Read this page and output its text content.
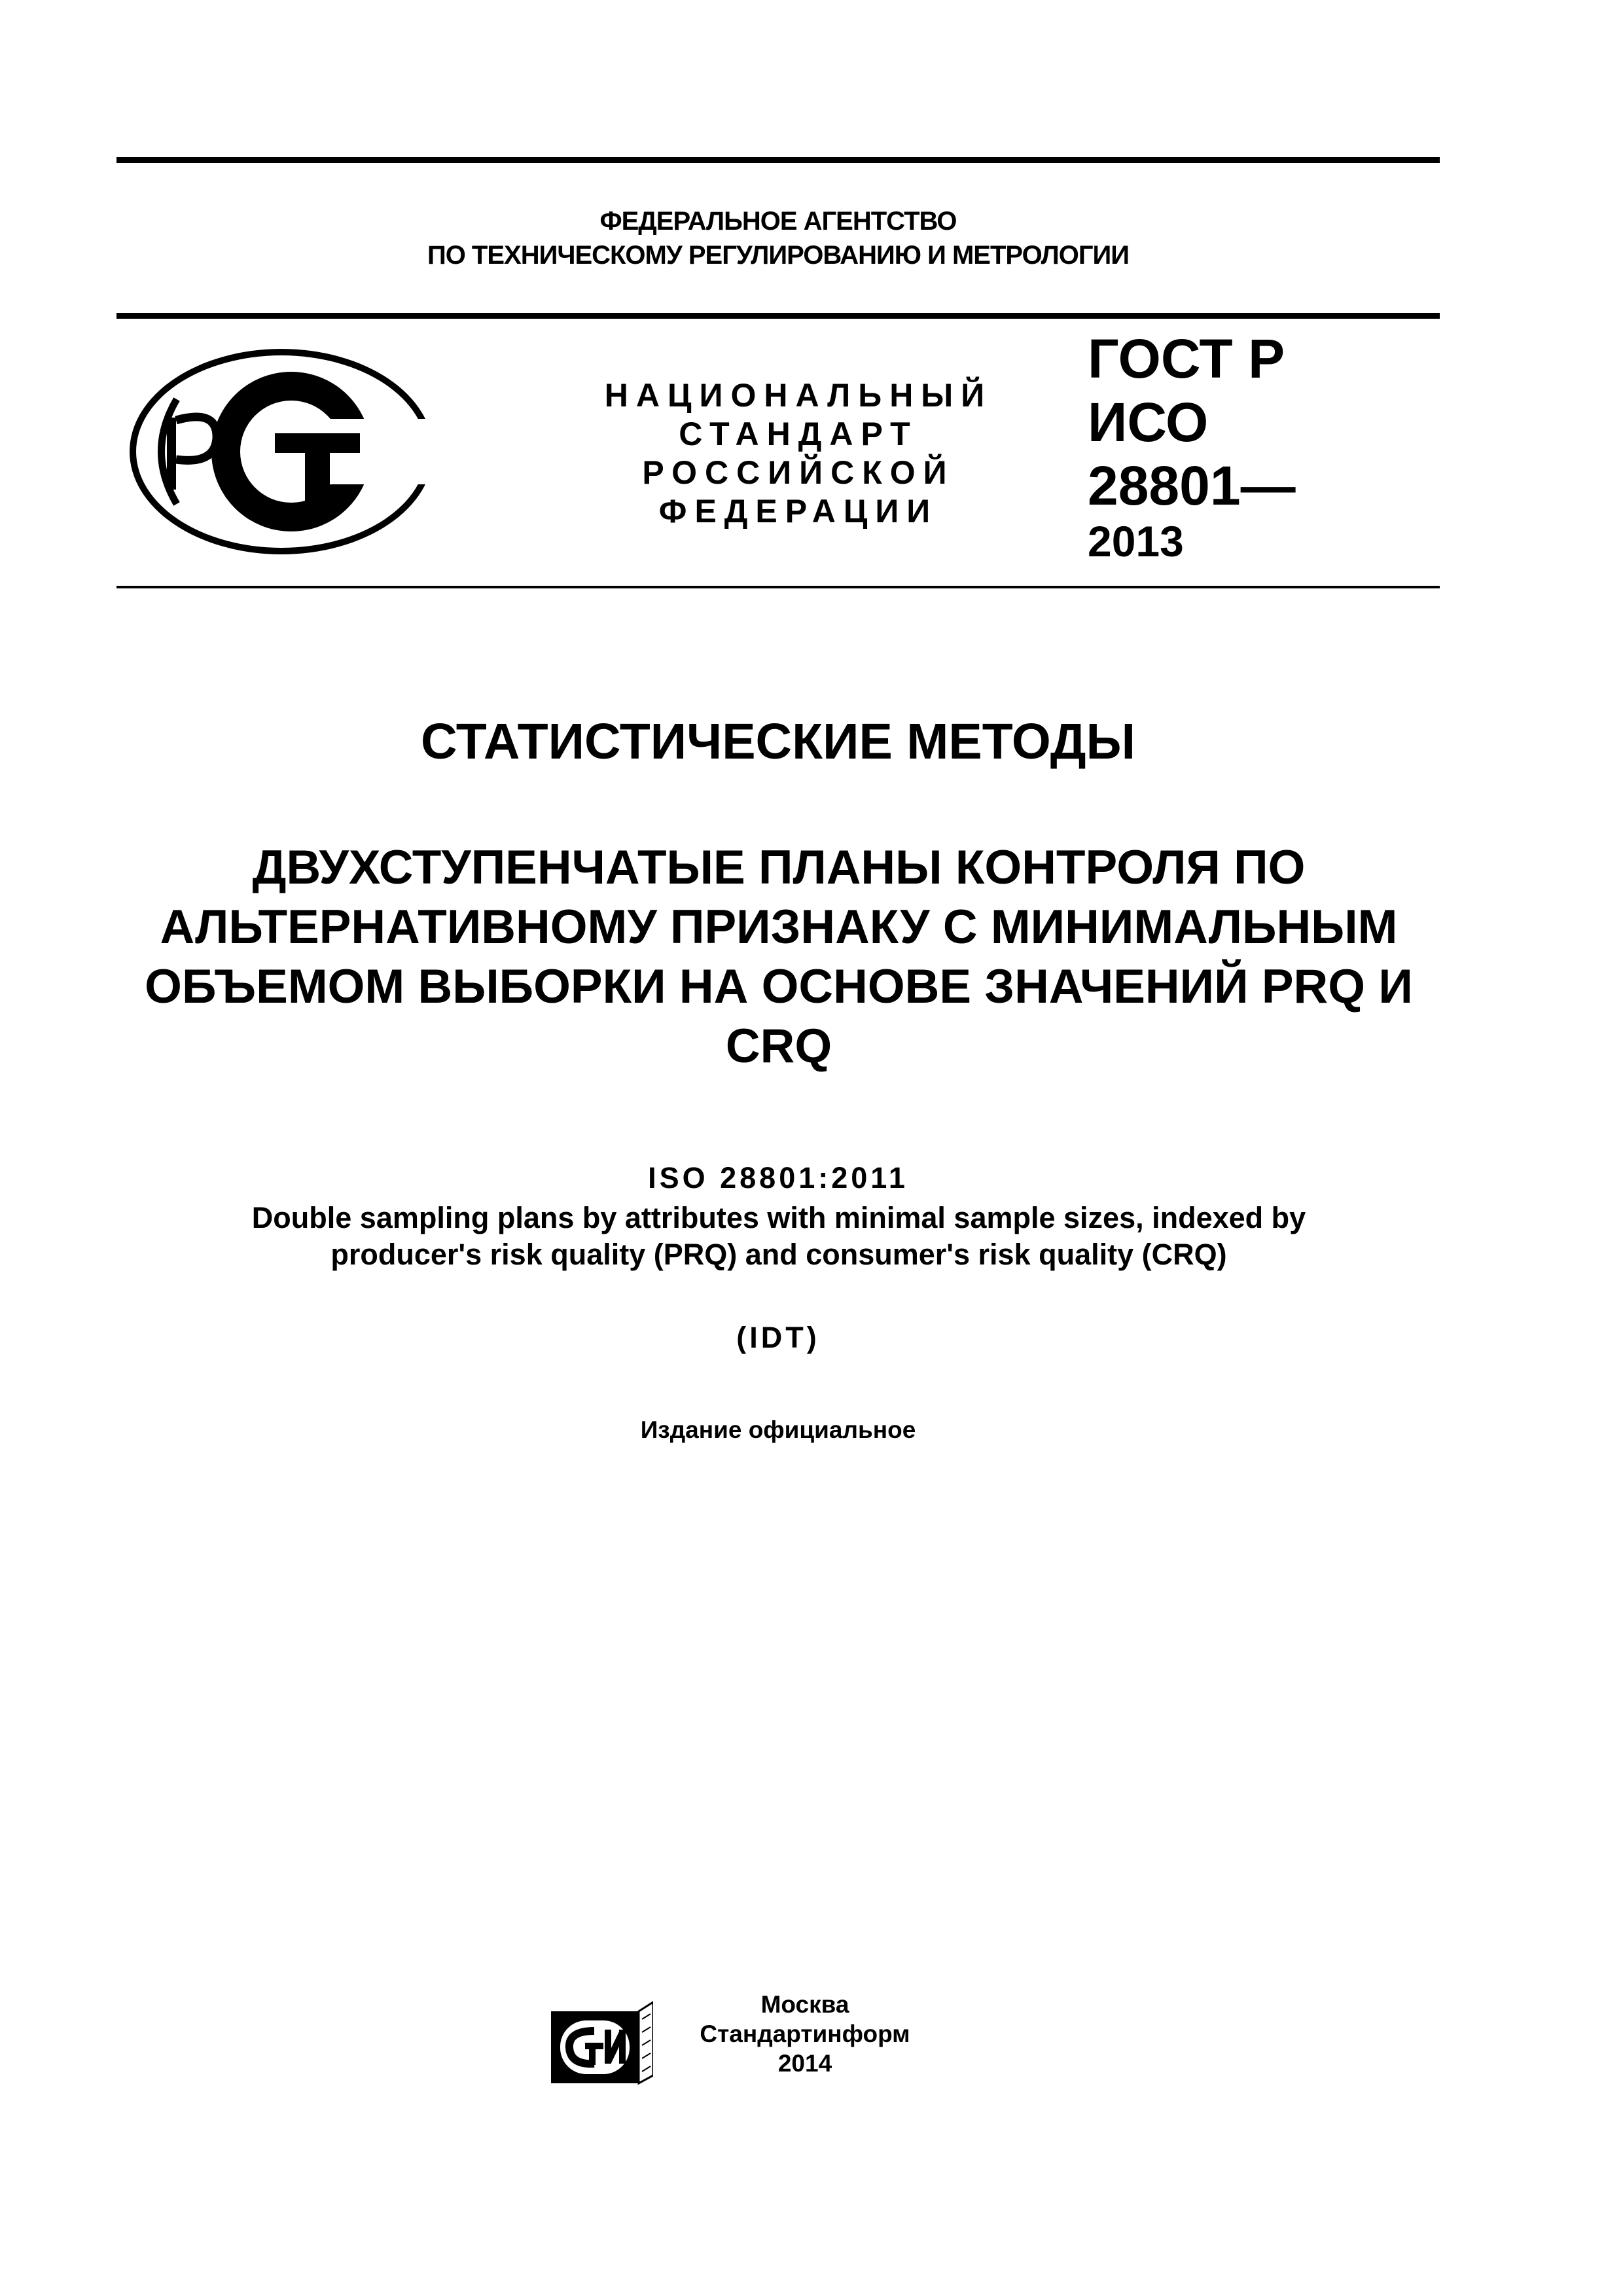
ФЕДЕРАЛЬНОЕ АГЕНТСТВО
ПО ТЕХНИЧЕСКОМУ РЕГУЛИРОВАНИЮ И МЕТРОЛОГИИ
НАЦИОНАЛЬНЫЙ
СТАНДАРТ
РОССИЙСКОЙ
ФЕДЕРАЦИИ
ГОСТ Р
ИСО
28801—
2013
СТАТИСТИЧЕСКИЕ МЕТОДЫ
ДВУХСТУПЕНЧАТЫЕ ПЛАНЫ КОНТРОЛЯ ПО
АЛЬТЕРНАТИВНОМУ ПРИЗНАКУ С МИНИМАЛЬНЫМ
ОБЪЕМОМ ВЫБОРКИ НА ОСНОВЕ ЗНАЧЕНИЙ PRQ И
CRQ
ISO 28801:2011
Double sampling plans by attributes with minimal sample sizes, indexed by
producer's risk quality (PRQ) and consumer's risk quality (CRQ)
(IDT)
Издание официальное
Москва
Стандартинформ
2014
